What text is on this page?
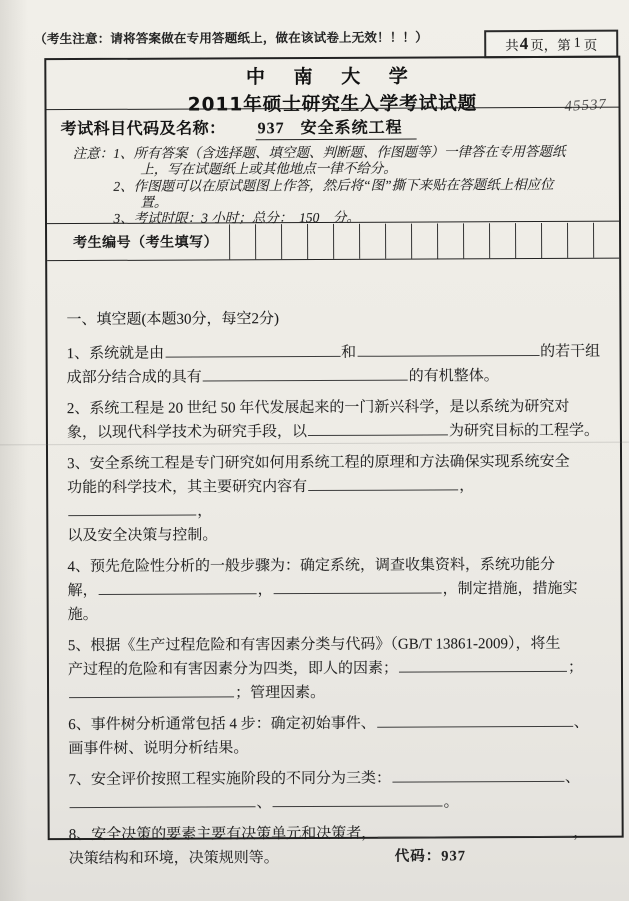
（考生注意：请将答案做在专用答题纸上，做在该试卷上无效！！！）	共 4 页，第 1 页
中 南 大 学
2011年硕士研究生入学考试试题	45537
考试科目代码及名称： 937 安全系统工程
注意： 1、所有答案（含选择题、填空题、判断题、作图题等）一律答在专用答题纸上，写在试题纸上或其他地点一律不给分。
2、作图题可以在原试题图上作答，然后将“图”撕下来贴在答题纸上相应位置。
3、考试时限：3 小时；总分：  150    分。
考生编号（考生填写）
一、填空题(本题30分，每空2分)

1、系统就是由	和	的若干组
成部分结合成的具有	的有机整体。

2、系统工程是 20 世纪 50 年代发展起来的一门新兴科学，是以系统为研究对
象，以现代科学技术为研究手段，以	为研究目标的工程学。

3、安全系统工程是专门研究如何用系统工程的原理和方法确保实现系统安全
功能的科学技术，其主要研究内容有	，，
以及安全决策与控制。

4、预先危险性分析的一般步骤为：确定系统，调查收集资料，系统功能分
解，	，	，制定措施，措施实施。

5、根据《生产过程危险和有害因素分类与代码》（GB/T 13861-2009），将生
产过程的危险和有害因素分为四类，即人的因素；	；
；管理因素。

6、事件树分析通常包括 4 步：确定初始事件、	、
画事件树、说明分析结果。

7、安全评价按照工程实施阶段的不同分为三类：	、
、	。

8、安全决策的要素主要有决策单元和决策者，	，
决策结构和环境，决策规则等。	代码：937
